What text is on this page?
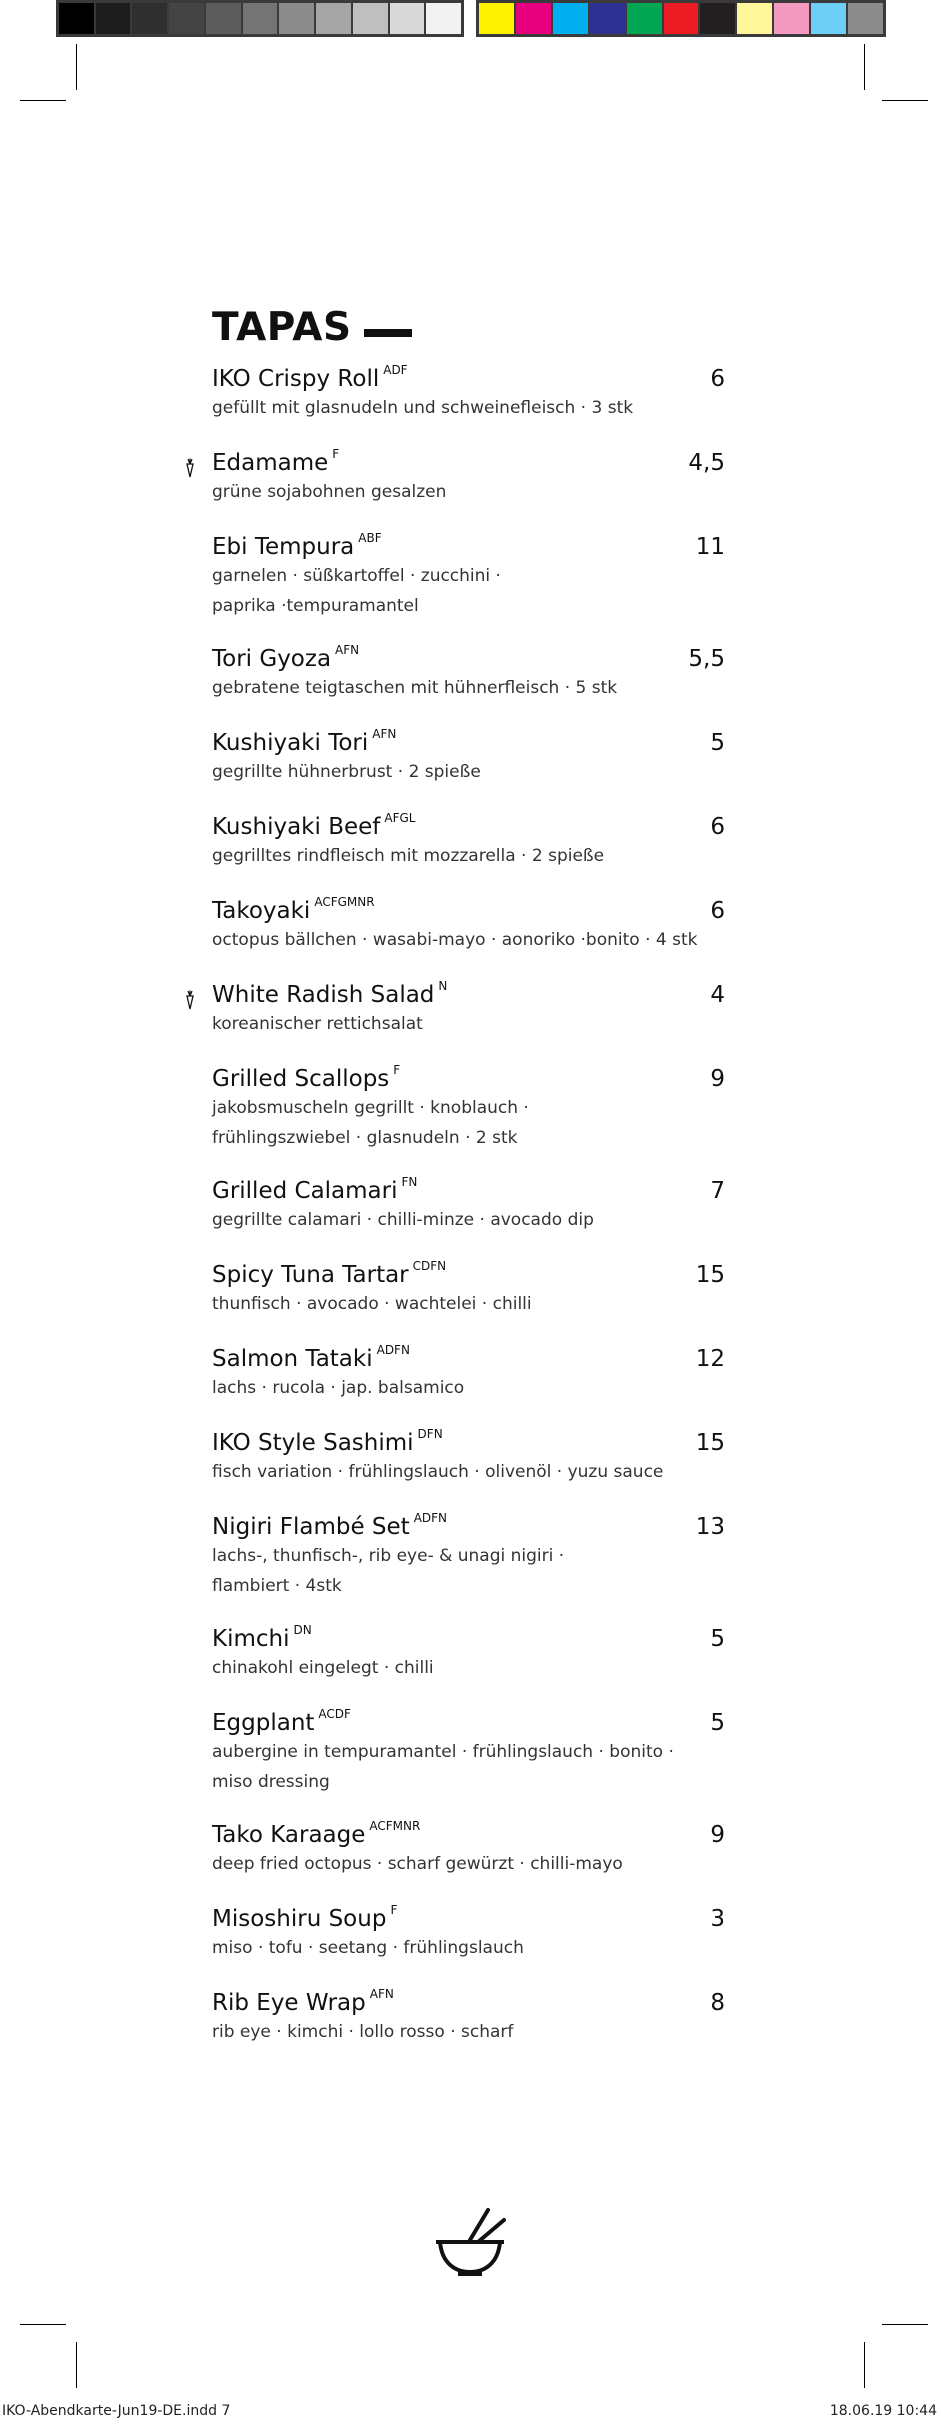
TAPAS
IKO Crispy Roll $^{ADF}$	6
gefüllt mit glasnudeln und schweinefleisch · 3 stk
Edamame $^F$	4,5
grüne sojabohnen gesalzen
Ebi Tempura $^{ABF}$	11
garnelen · süßkartoffel · zucchini ·
paprika ·tempuramantel
Tori Gyoza $^{AFN}$	5,5
gebratene teigtaschen mit hühnerfleisch · 5 stk
Kushiyaki Tori $^{AFN}$	5
gegrillte hühnerbrust · 2 spieße
Kushiyaki Beef $^{AFGL}$	6
gegrilltes rindfleisch mit mozzarella · 2 spieße
Takoyaki $^{ACFGMNR}$	6
octopus bällchen · wasabi-mayo · aonoriko ·bonito · 4 stk
White Radish Salad $^N$	4
koreanischer rettichsalat
Grilled Scallops $^F$	9
jakobsmuscheln gegrillt · knoblauch ·
frühlingszwiebel · glasnudeln · 2 stk
Grilled Calamari $^{FN}$	7
gegrillte calamari · chilli-minze · avocado dip
Spicy Tuna Tartar $^{CDFN}$	15
thunfisch · avocado · wachtelei · chilli
Salmon Tataki $^{ADFN}$	12
lachs · rucola · jap. balsamico
IKO Style Sashimi $^{DFN}$	15
fisch variation · frühlingslauch · olivenöl · yuzu sauce
Nigiri Flambé Set $^{ADFN}$	13
lachs-, thunfisch-, rib eye- & unagi nigiri ·
flambiert · 4stk
Kimchi $^{DN}$	5
chinakohl eingelegt · chilli
Eggplant $^{ACDF}$	5
aubergine in tempuramantel · frühlingslauch · bonito ·
miso dressing
Tako Karaage $^{ACFMNR}$	9
deep fried octopus · scharf gewürzt · chilli-mayo
Misoshiru Soup $^F$	3
miso · tofu · seetang · frühlingslauch
Rib Eye Wrap $^{AFN}$	8
rib eye · kimchi · lollo rosso · scharf
IKO-Abendkarte-Jun19-DE.indd 7	18.06.19 10:44
